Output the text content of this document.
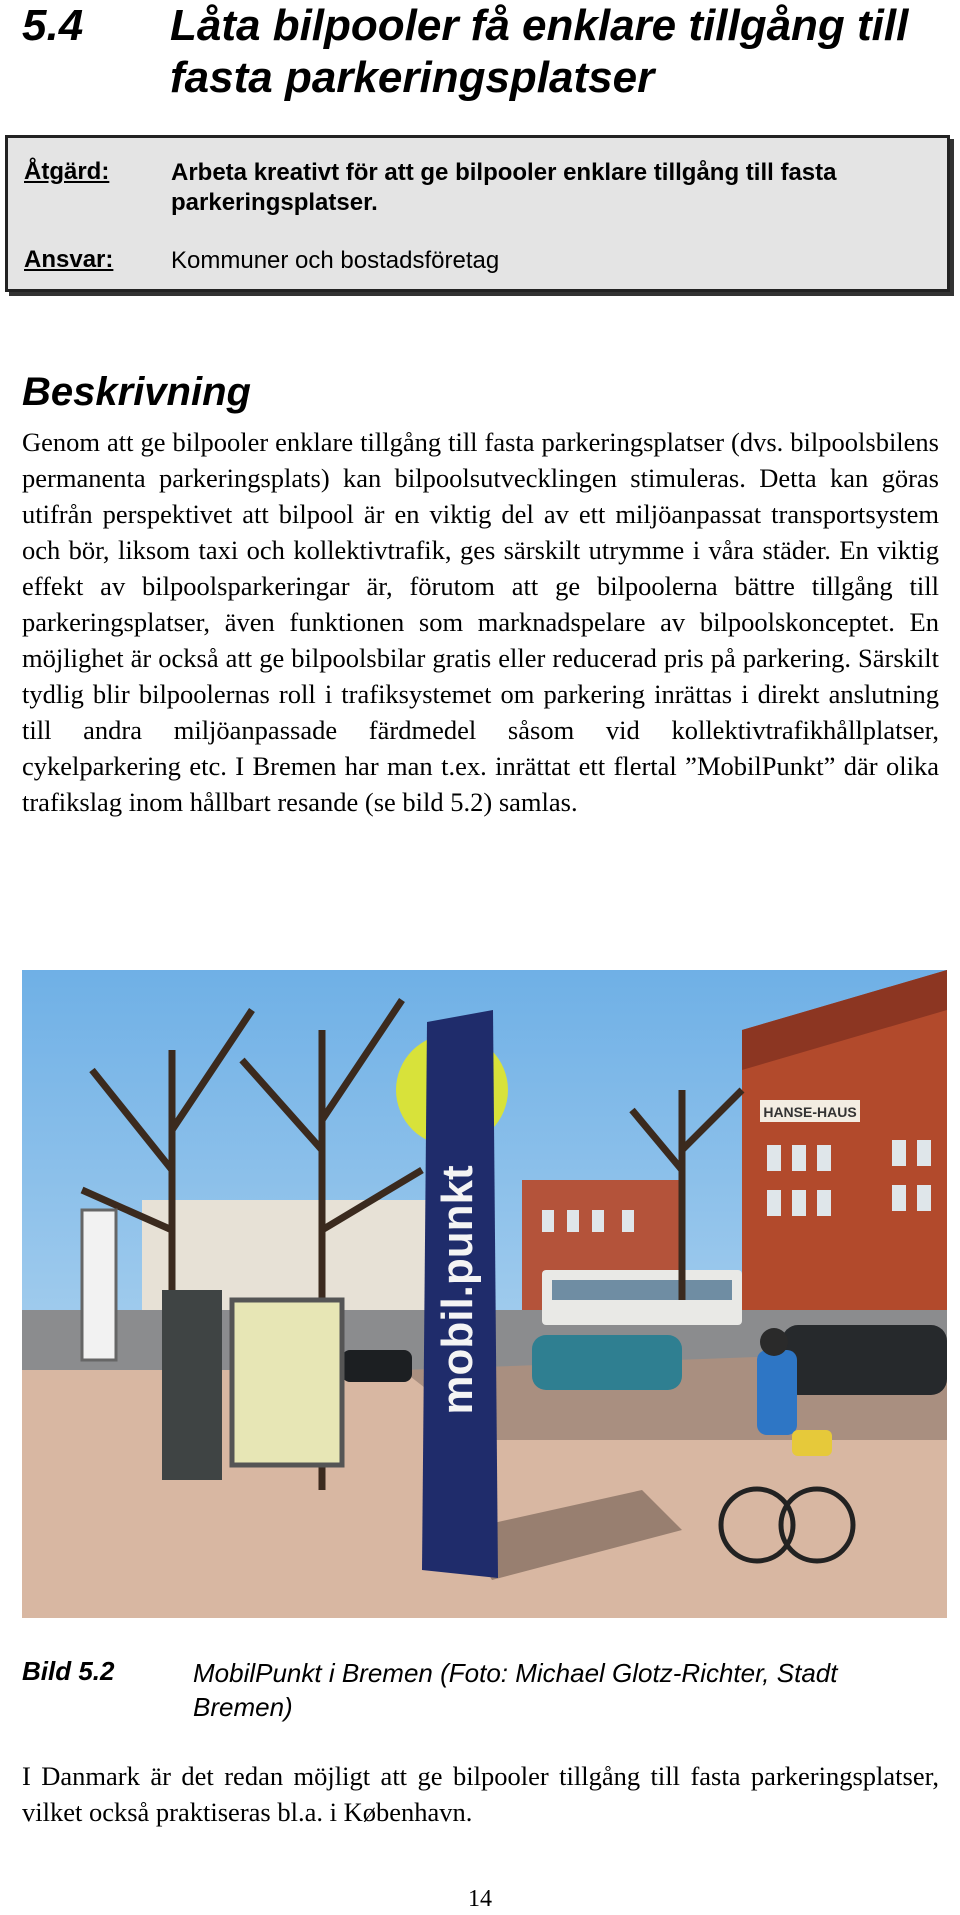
5.4 Låta bilpooler få enklare tillgång till fasta parkeringsplatser
Åtgärd:	Arbeta kreativt för att ge bilpooler enklare tillgång till fasta parkeringsplatser.
Ansvar: Kommuner och bostadsföretag
Beskrivning
Genom att ge bilpooler enklare tillgång till fasta parkeringsplatser (dvs. bilpoolsbilens permanenta parkeringsplats) kan bilpoolsutvecklingen stimuleras. Detta kan göras utifrån perspektivet att bilpool är en viktig del av ett miljöanpassat transportsystem och bör, liksom taxi och kollektivtrafik, ges särskilt utrymme i våra städer. En viktig effekt av bilpoolsparkeringar är, förutom att ge bilpoolerna bättre tillgång till parkeringsplatser, även funktionen som marknadspelare av bilpoolskonceptet. En möjlighet är också att ge bilpoolsbilar gratis eller reducerad pris på parkering. Särskilt tydlig blir bilpoolernas roll i trafiksystemet om parkering inrättas i direkt anslutning till andra miljöanpassade färdmedel såsom vid kollektivtrafikhållplatser, cykelparkering etc. I Bremen har man t.ex. inrättat ett flertal ”MobilPunkt” där olika trafikslag inom hållbart resande (se bild 5.2) samlas.
HANSE-HAUS
mobil.punkt
Bild 5.2	MobilPunkt i Bremen (Foto: Michael Glotz-Richter, Stadt Bremen)
I Danmark är det redan möjligt att ge bilpooler tillgång till fasta parkeringsplatser, vilket också praktiseras bl.a. i København.
14
